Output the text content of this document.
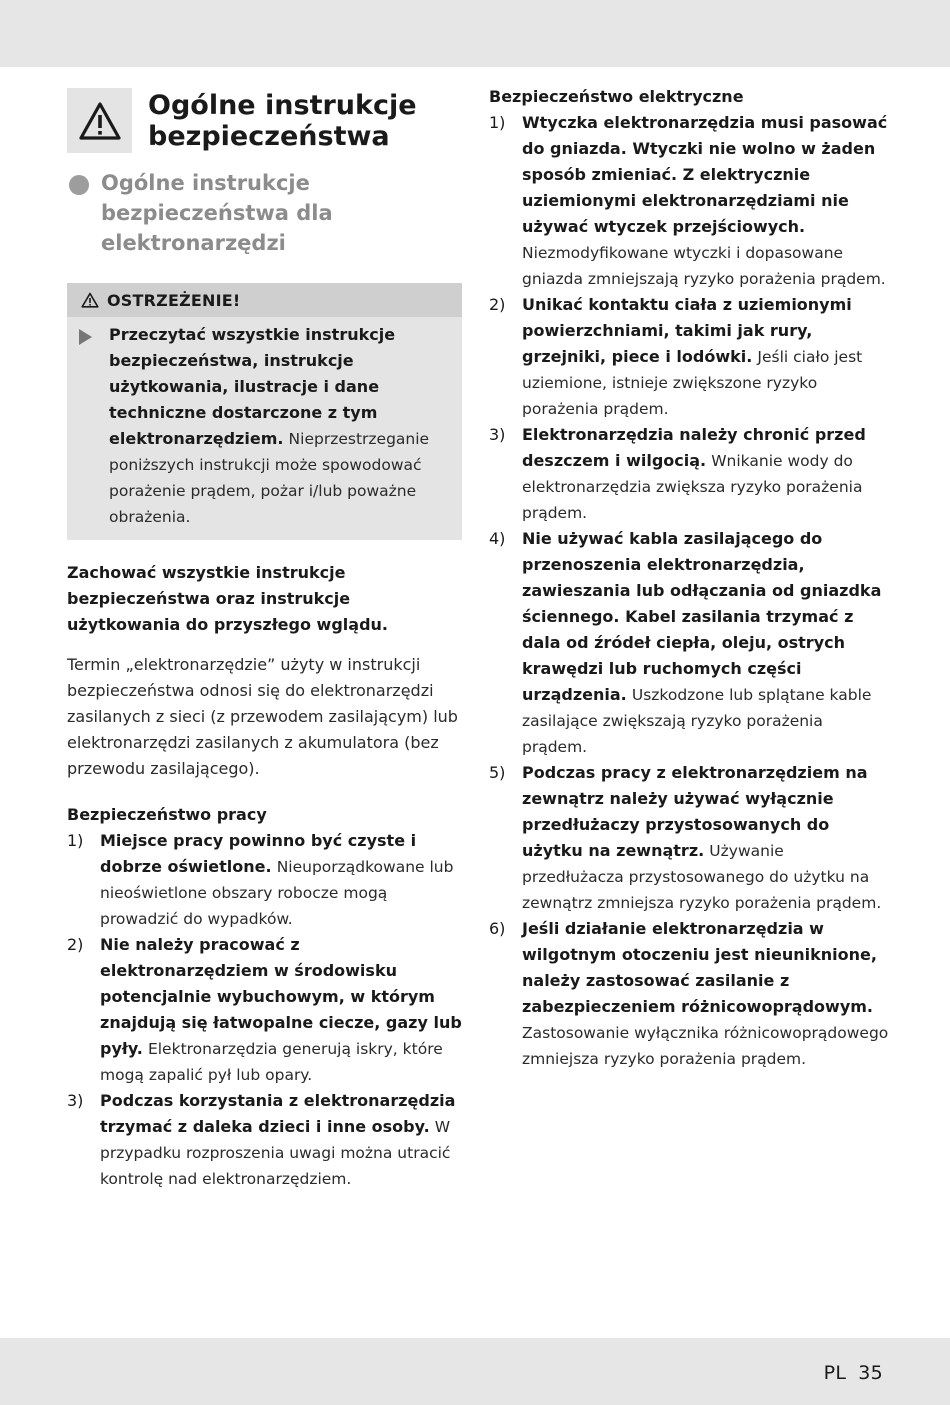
Ogólne instrukcje bezpieczeństwa
Ogólne instrukcje bezpieczeństwa dla elektronarzędzi
OSTRZEŻENIE!
Przeczytać wszystkie instrukcje bezpieczeństwa, instrukcje użytkowania, ilustracje i dane techniczne dostarczone z tym elektronarzędziem. Nieprzestrzeganie poniższych instrukcji może spowodować porażenie prądem, pożar i/lub poważne obrażenia.
Zachować wszystkie instrukcje bezpieczeństwa oraz instrukcje użytkowania do przyszłego wglądu.
Termin „elektronarzędzie” użyty w instrukcji bezpieczeństwa odnosi się do elektronarzędzi zasilanych z sieci (z przewodem zasilającym) lub elektronarzędzi zasilanych z akumulatora (bez przewodu zasilającego).
Bezpieczeństwo pracy
1) Miejsce pracy powinno być czyste i dobrze oświetlone. Nieuporządkowane lub nieoświetlone obszary robocze mogą prowadzić do wypadków.
2) Nie należy pracować z elektronarzędziem w środowisku potencjalnie wybuchowym, w którym znajdują się łatwopalne ciecze, gazy lub pyły. Elektronarzędzia generują iskry, które mogą zapalić pył lub opary.
3) Podczas korzystania z elektronarzędzia trzymać z daleka dzieci i inne osoby. W przypadku rozproszenia uwagi można utracić kontrolę nad elektronarzędziem.
Bezpieczeństwo elektryczne
1) Wtyczka elektronarzędzia musi pasować do gniazda. Wtyczki nie wolno w żaden sposób zmieniać. Z elektrycznie uziemionymi elektronarzędziami nie używać wtyczek przejściowych. Niezmodyfikowane wtyczki i dopasowane gniazda zmniejszają ryzyko porażenia prądem.
2) Unikać kontaktu ciała z uziemionymi powierzchniami, takimi jak rury, grzejniki, piece i lodówki. Jeśli ciało jest uziemione, istnieje zwiększone ryzyko porażenia prądem.
3) Elektronarzędzia należy chronić przed deszczem i wilgocią. Wnikanie wody do elektronarzędzia zwiększa ryzyko porażenia prądem.
4) Nie używać kabla zasilającego do przenoszenia elektronarzędzia, zawieszania lub odłączania od gniazdka ściennego. Kabel zasilania trzymać z dala od źródeł ciepła, oleju, ostrych krawędzi lub ruchomych części urządzenia. Uszkodzone lub splątane kable zasilające zwiększają ryzyko porażenia prądem.
5) Podczas pracy z elektronarzędziem na zewnątrz należy używać wyłącznie przedłużaczy przystosowanych do użytku na zewnątrz. Używanie przedłużacza przystosowanego do użytku na zewnątrz zmniejsza ryzyko porażenia prądem.
6) Jeśli działanie elektronarzędzia w wilgotnym otoczeniu jest nieuniknione, należy zastosować zasilanie z zabezpieczeniem różnicowoprądowym. Zastosowanie wyłącznika różnicowoprądowego zmniejsza ryzyko porażenia prądem.
PL 35
